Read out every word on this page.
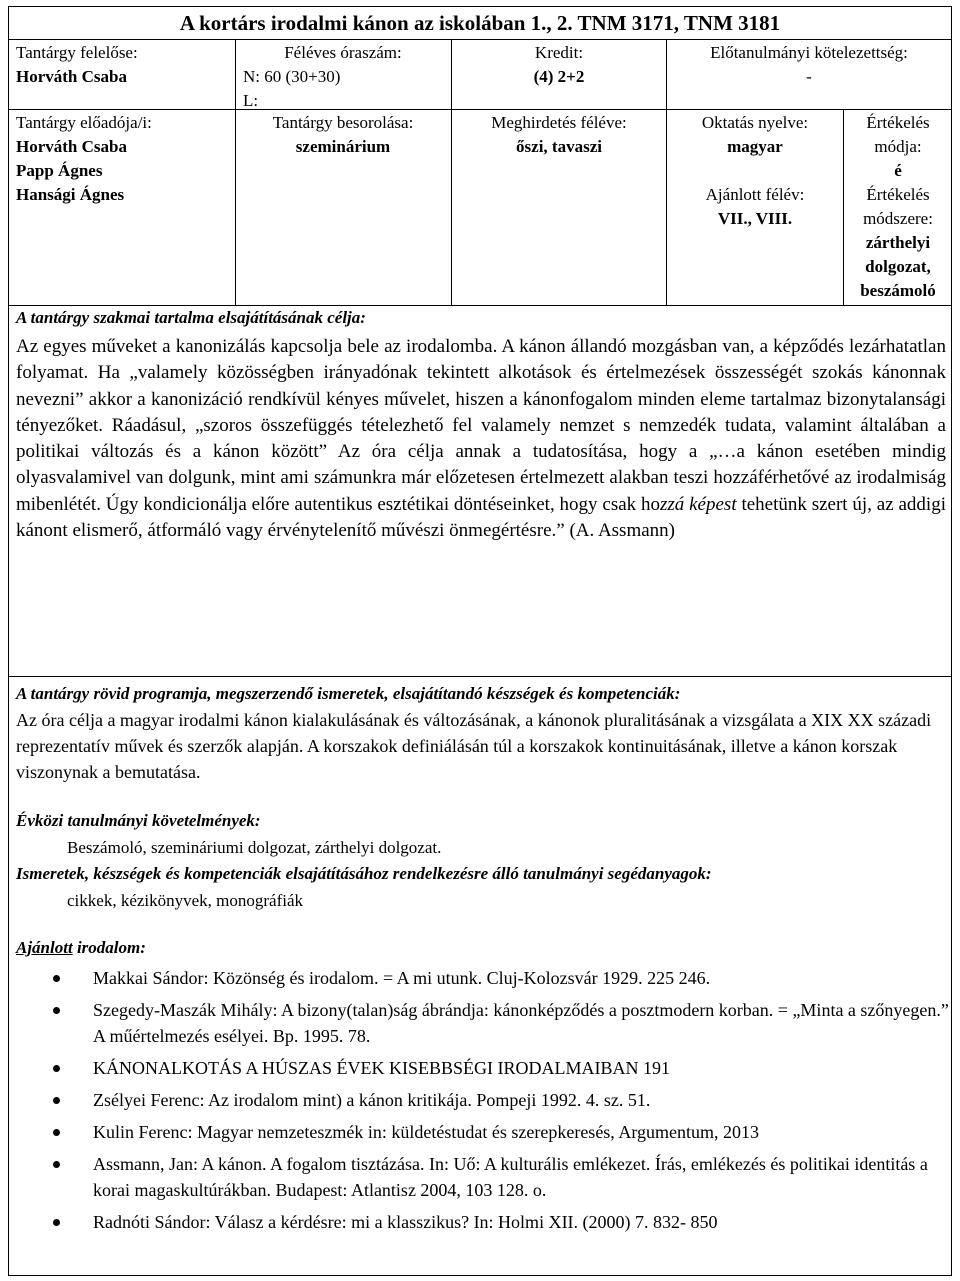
A kortárs irodalmi kánon az iskolában 1., 2. TNM 3171, TNM 3181
Tantárgy felelőse:
Horváth Csaba
Féléves óraszám:
N: 60 (30+30)
L:
Kredit:
(4) 2+2
Előtanulmányi kötelezettség:
-
Tantárgy előadója/i:
Horváth Csaba
Papp Ágnes
Hansági Ágnes
Tantárgy besorolása:
szeminárium
Meghirdetés féléve:
őszi, tavaszi
Oktatás nyelve:
magyar
Ajánlott félév:
VII., VIII.
Értékelés
módja:
é
Értékelés
módszere:
zárthelyi
dolgozat,
beszámoló
A tantárgy szakmai tartalma elsajátításának célja:
Az egyes műveket a kanonizálás kapcsolja bele az irodalomba. A kánon állandó mozgásban van, a képződés lezárhatatlan folyamat. Ha „valamely közösségben irányadónak tekintett alkotások és értelmezések összességét szokás kánonnak nevezni” akkor a kanonizáció rendkívül kényes művelet, hiszen a kánonfogalom minden eleme tartalmaz bizonytalansági tényezőket. Ráadásul, „szoros összefüggés tételezhető fel valamely nemzet s nemzedék tudata, valamint általában a politikai változás és a kánon között” Az óra célja annak a tudatosítása, hogy a „…a kánon esetében mindig olyasvalamivel van dolgunk, mint ami számunkra már előzetesen értelmezett alakban teszi hozzáférhetővé az irodalmiság mibenlétét. Úgy kondicionálja előre autentikus esztétikai döntéseinket, hogy csak hozzá képest tehetünk szert új, az addigi kánont elismerő, átformáló vagy érvénytelenítő művészi önmegértésre.” (A. Assmann)
A tantárgy rövid programja, megszerzendő ismeretek, elsajátítandó készségek és kompetenciák:
Az óra célja a magyar irodalmi kánon kialakulásának és változásának, a kánonok pluralitásának a vizsgálata a XIX XX századi reprezentatív művek és szerzők alapján. A korszakok definiálásán túl a korszakok kontinuitásának, illetve a kánon korszak viszonynak a bemutatása.
Évközi tanulmányi követelmények:
Beszámoló, szemináriumi dolgozat, zárthelyi dolgozat.
Ismeretek, készségek és kompetenciák elsajátításához rendelkezésre álló tanulmányi segédanyagok:
cikkek, kézikönyvek, monográfiák
Ajánlott irodalom:
Makkai Sándor: Közönség és irodalom. = A mi utunk. Cluj-Kolozsvár 1929. 225 246.
Szegedy-Maszák Mihály: A bizony(talan)ság ábrándja: kánonképződés a posztmodern korban. = „Minta a szőnyegen.” A műértelmezés esélyei. Bp. 1995. 78.
KÁNONALKOTÁS A HÚSZAS ÉVEK KISEBBSÉGI IRODALMAIBAN 191
Zsélyei Ferenc: Az irodalom mint) a kánon kritikája. Pompeji 1992. 4. sz. 51.
Kulin Ferenc: Magyar nemzeteszmék in: küldetéstudat és szerepkeresés, Argumentum, 2013
Assmann, Jan: A kánon. A fogalom tisztázása. In: Uő: A kulturális emlékezet. Írás, emlékezés és politikai identitás a korai magaskultúrákban. Budapest: Atlantisz 2004, 103 128. o.
Radnóti Sándor: Válasz a kérdésre: mi a klasszikus? In: Holmi XII. (2000) 7. 832- 850
